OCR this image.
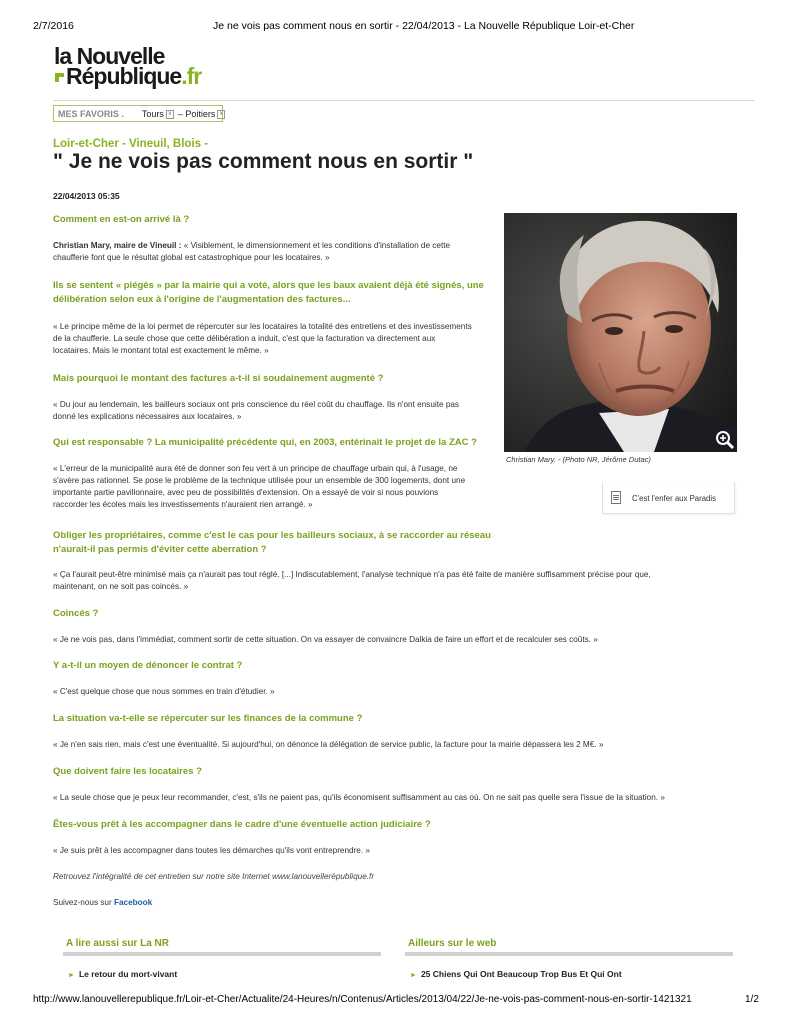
2/7/2016	Je ne vois pas comment nous en sortir - 22/04/2013 - La Nouvelle République Loir-et-Cher
la Nouvelle
République.fr
MES FAVORIS . Tours x – Poitiers x
Loir-et-Cher - Vineuil, Blois -
" Je ne vois pas comment nous en sortir "
22/04/2013 05:35
Christian Mary. - (Photo NR, Jérôme Dutac)
C'est l'enfer aux Paradis
Comment en est-on arrivé là ?
Christian Mary, maire de Vineuil : « Visiblement, le dimensionnement et les conditions d'installation de cette
chaufferie font que le résultat global est catastrophique pour les locataires. »
Ils se sentent « piégés » par la mairie qui a voté, alors que les baux avaient déjà été signés, une
délibération selon eux à l'origine de l'augmentation des factures...
« Le principe même de la loi permet de répercuter sur les locataires la totalité des entretiens et des investissements
de la chaufferie. La seule chose que cette délibération a induit, c'est que la facturation va directement aux
locataires. Mais le montant total est exactement le même. »
Mais pourquoi le montant des factures a-t-il si soudainement augmenté ?
« Du jour au lendemain, les bailleurs sociaux ont pris conscience du réel coût du chauffage. Ils n'ont ensuite pas
donné les explications nécessaires aux locataires. »
Qui est responsable ? La municipalité précédente qui, en 2003, entérinait le projet de la ZAC ?
« L'erreur de la municipalité aura été de donner son feu vert à un principe de chauffage urbain qui, à l'usage, ne
s'avère pas rationnel. Se pose le problème de la technique utilisée pour un ensemble de 300 logements, dont une
importante partie pavillonnaire, avec peu de possibilités d'extension. On a essayé de voir si nous pouvions
raccorder les écoles mais les investissements n'auraient rien arrangé. »
Obliger les propriétaires, comme c'est le cas pour les bailleurs sociaux, à se raccorder au réseau
n'aurait-il pas permis d'éviter cette aberration ?
« Ça l'aurait peut-être minimisé mais ça n'aurait pas tout réglé. [...] Indiscutablement, l'analyse technique n'a pas été faite de manière suffisamment précise pour que,
maintenant, on ne soit pas coincés. »
Coincés ?
« Je ne vois pas, dans l'immédiat, comment sortir de cette situation. On va essayer de convaincre Dalkia de faire un effort et de recalculer ses coûts. »
Y a-t-il un moyen de dénoncer le contrat ?
« C'est quelque chose que nous sommes en train d'étudier. »
La situation va-t-elle se répercuter sur les finances de la commune ?
« Je n'en sais rien, mais c'est une éventualité. Si aujourd'hui, on dénonce la délégation de service public, la facture pour la mairie dépassera les 2 M€. »
Que doivent faire les locataires ?
« La seule chose que je peux leur recommander, c'est, s'ils ne paient pas, qu'ils économisent suffisamment au cas où. On ne sait pas quelle sera l'issue de la situation. »
Êtes-vous prêt à les accompagner dans le cadre d'une éventuelle action judiciaire ?
« Je suis prêt à les accompagner dans toutes les démarches qu'ils vont entreprendre. »
Retrouvez l'intégralité de cet entretien sur notre site Internet www.lanouvellerépublique.fr
Suivez-nous sur Facebook
A lire aussi sur La NR
► Le retour du mort-vivant
Ailleurs sur le web
► 25 Chiens Qui Ont Beaucoup Trop Bus Et Qui Ont
http://www.lanouvellerepublique.fr/Loir-et-Cher/Actualite/24-Heures/n/Contenus/Articles/2013/04/22/Je-ne-vois-pas-comment-nous-en-sortir-1421321	1/2
